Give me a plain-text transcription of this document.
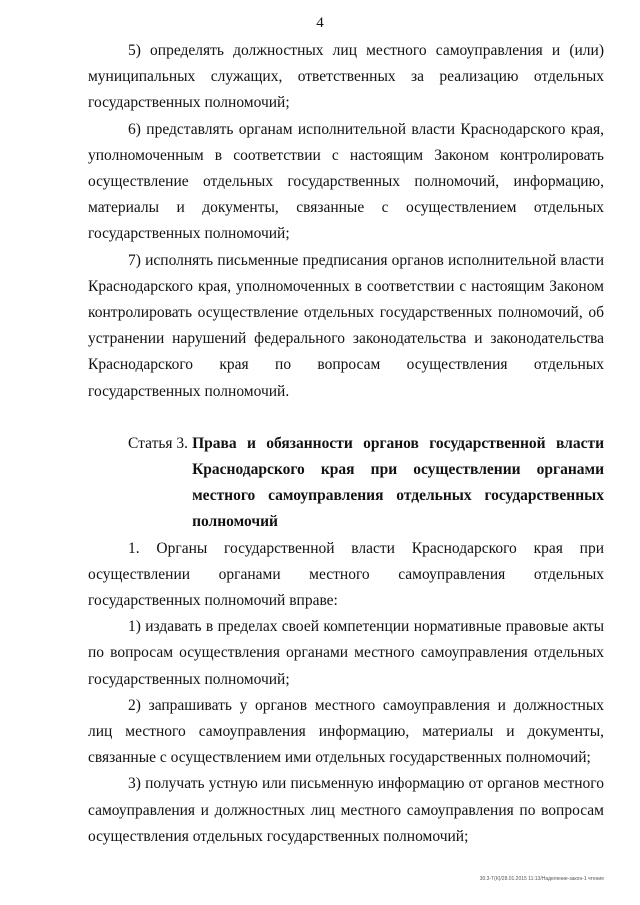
4

5) определять должностных лиц местного самоуправления и (или) муниципальных служащих, ответственных за реализацию отдельных государственных полномочий;

6) представлять органам исполнительной власти Краснодарского края, уполномоченным в соответствии с настоящим Законом контролировать осуществление отдельных государственных полномочий, информацию, материалы и документы, связанные с осуществлением отдельных государственных полномочий;

7) исполнять письменные предписания органов исполнительной власти Краснодарского края, уполномоченных в соответствии с настоящим Законом контролировать осуществление отдельных государственных полномочий, об устранении нарушений федерального законодательства и законодательства Краснодарского края по вопросам осуществления отдельных государственных полномочий.

Статья 3. Права и обязанности органов государственной власти Краснодарского края при осуществлении органами местного самоуправления отдельных государственных полномочий

1. Органы государственной власти Краснодарского края при осуществлении органами местного самоуправления отдельных государственных полномочий вправе:

1) издавать в пределах своей компетенции нормативные правовые акты по вопросам осуществления органами местного самоуправления отдельных государственных полномочий;

2) запрашивать у органов местного самоуправления и должностных лиц местного самоуправления информацию, материалы и документы, связанные с осуществлением ими отдельных государственных полномочий;

3) получать устную или письменную информацию от органов местного самоуправления и должностных лиц местного самоуправления по вопросам осуществления отдельных государственных полномочий;

30.3-Т(К)/28.01.2015 11:13/Наделение-закон-1 чтение
